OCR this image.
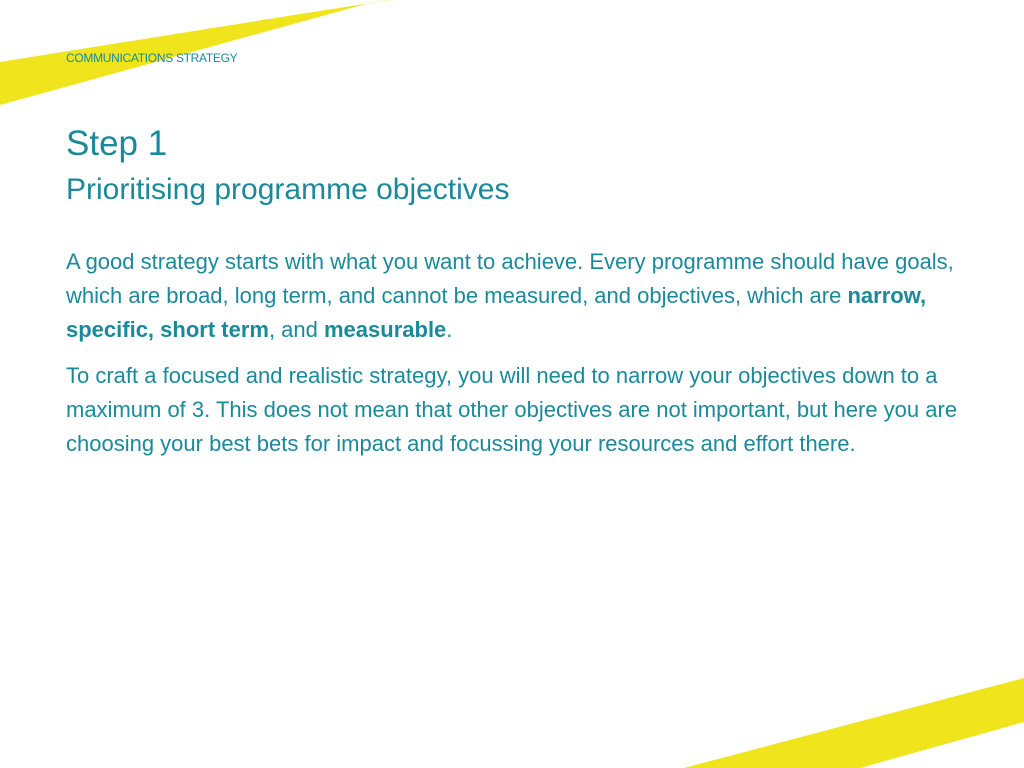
COMMUNICATIONS STRATEGY
Step 1
Prioritising programme objectives

A good strategy starts with what you want to achieve. Every programme should have goals, which are broad, long term, and cannot be measured, and objectives, which are narrow, specific, short term, and measurable.

To craft a focused and realistic strategy, you will need to narrow your objectives down to a maximum of 3. This does not mean that other objectives are not important, but here you are choosing your best bets for impact and focussing your resources and effort there.
